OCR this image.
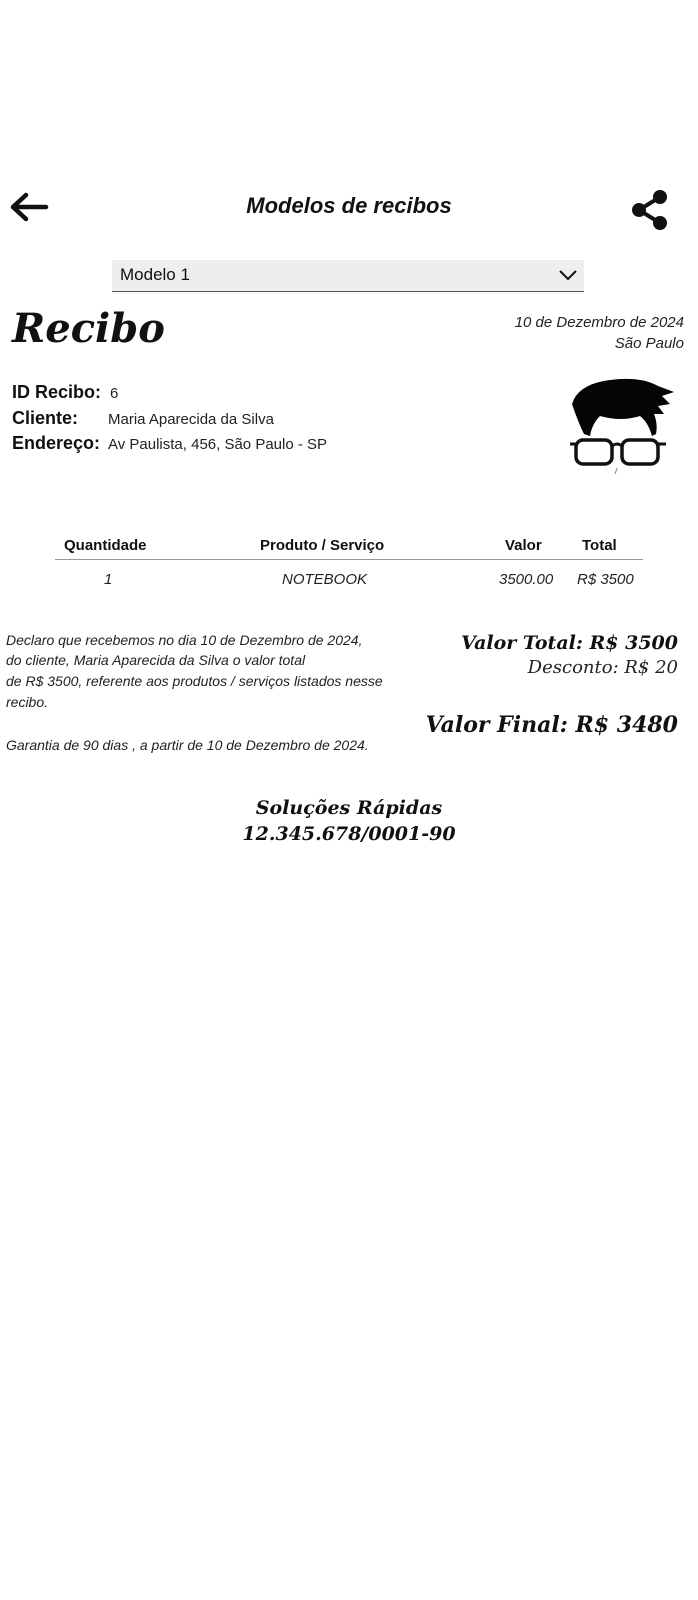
Modelos de recibos
Modelo 1
Recibo	10 de Dezembro de 2024
São Paulo
ID Recibo: 6
Cliente: Maria Aparecida da Silva
Endereço: Av Paulista, 456, São Paulo - SP
Quantidade	Produto / Serviço	Valor	Total
1	NOTEBOOK	3500.00 R$ 3500
Declaro que recebemos no dia 10 de Dezembro de 2024,
do cliente, Maria Aparecida da Silva o valor total
de R$ 3500, referente aos produtos / serviços listados nesse
recibo.
Garantia de 90 dias , a partir de 10 de Dezembro de 2024.
Valor Total: R$ 3500
Desconto: R$ 20
Valor Final: R$ 3480
Soluções Rápidas
12.345.678/0001-90
